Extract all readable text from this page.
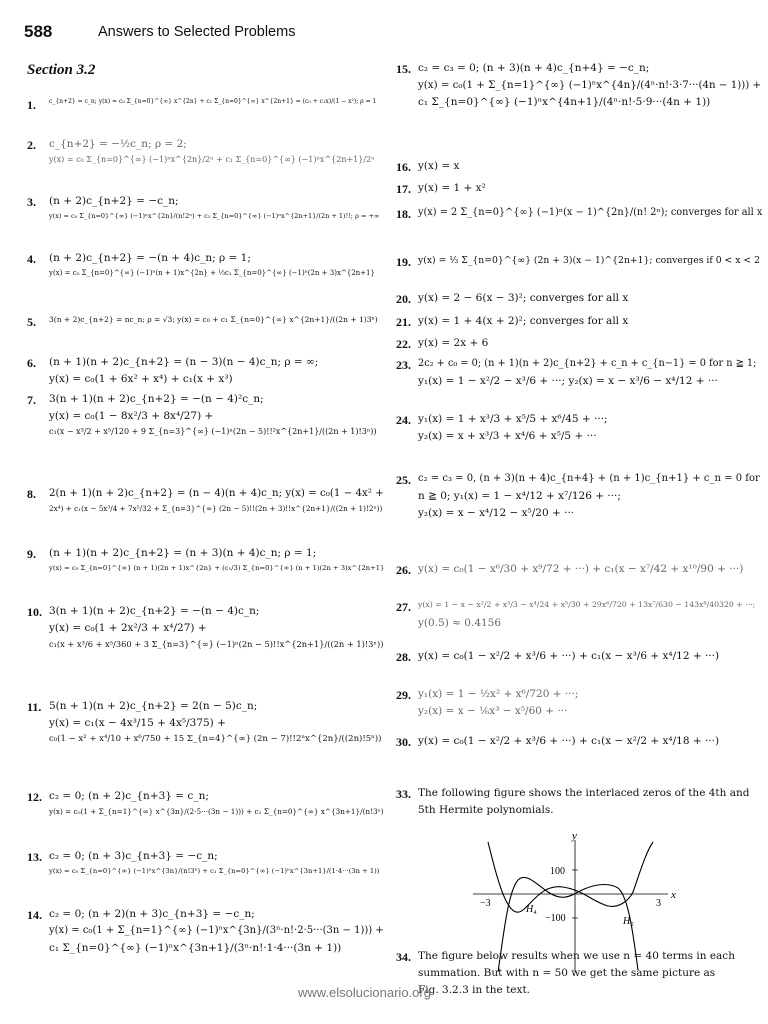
588	Answers to Selected Problems
Section 3.2
1. c_{n+2} = c_n; y(x) = c₀ Σ_{n=0}^{∞} x^{2n} + c₁ Σ_{n=0}^{∞} x^{2n+1} = (c₀ + c₁x)/(1 − x²); ρ = 1
2. c_{n+2} = −½c_n; ρ = 2;
y(x) = c₀ Σ_{n=0}^{∞} (−1)ⁿx^{2n}/2ⁿ + c₁ Σ_{n=0}^{∞} (−1)ⁿx^{2n+1}/2ⁿ
3. (n + 2)c_{n+2} = −c_n;
y(x) = c₀ Σ_{n=0}^{∞} (−1)ⁿx^{2n}/(n!2ⁿ) + c₁ Σ_{n=0}^{∞} (−1)ⁿx^{2n+1}/(2n + 1)!!; ρ = +∞
4. (n + 2)c_{n+2} = −(n + 4)c_n; ρ = 1;
y(x) = c₀ Σ_{n=0}^{∞} (−1)ⁿ(n + 1)x^{2n} + ⅓c₁ Σ_{n=0}^{∞} (−1)ⁿ(2n + 3)x^{2n+1}
5. 3(n + 2)c_{n+2} = nc_n; ρ = √3; y(x) = c₀ + c₁ Σ_{n=0}^{∞} x^{2n+1}/((2n + 1)3ⁿ)
6. (n + 1)(n + 2)c_{n+2} = (n − 3)(n − 4)c_n; ρ = ∞;
y(x) = c₀(1 + 6x² + x⁴) + c₁(x + x³)
7. 3(n + 1)(n + 2)c_{n+2} = −(n − 4)²c_n;
y(x) = c₀(1 − 8x²/3 + 8x⁴/27) +
c₁(x − x³/2 + x⁵/120 + 9 Σ_{n=3}^{∞} (−1)ⁿ(2n − 5)!!²x^{2n+1}/((2n + 1)!3ⁿ))
8. 2(n + 1)(n + 2)c_{n+2} = (n − 4)(n + 4)c_n; y(x) = c₀(1 − 4x² +
2x⁴) + c₁(x − 5x³/4 + 7x⁵/32 + Σ_{n=3}^{∞} (2n − 5)!!(2n + 3)!!x^{2n+1}/((2n + 1)!2ⁿ))
9. (n + 1)(n + 2)c_{n+2} = (n + 3)(n + 4)c_n; ρ = 1;
y(x) = c₀ Σ_{n=0}^{∞} (n + 1)(2n + 1)x^{2n} + (c₁/3) Σ_{n=0}^{∞} (n + 1)(2n + 3)x^{2n+1}
10. 3(n + 1)(n + 2)c_{n+2} = −(n − 4)c_n;
y(x) = c₀(1 + 2x²/3 + x⁴/27) +
c₁(x + x³/6 + x⁵/360 + 3 Σ_{n=3}^{∞} (−1)ⁿ(2n − 5)!!x^{2n+1}/((2n + 1)!3ⁿ))
11. 5(n + 1)(n + 2)c_{n+2} = 2(n − 5)c_n;
y(x) = c₁(x − 4x³/15 + 4x⁵/375) +
c₀(1 − x² + x⁴/10 + x⁶/750 + 15 Σ_{n=4}^{∞} (2n − 7)!!2ⁿx^{2n}/((2n)!5ⁿ))
12. c₂ = 0; (n + 2)c_{n+3} = c_n;
y(x) = c₀(1 + Σ_{n=1}^{∞} x^{3n}/(2·5···(3n − 1))) + c₁ Σ_{n=0}^{∞} x^{3n+1}/(n!3ⁿ)
13. c₂ = 0; (n + 3)c_{n+3} = −c_n;
y(x) = c₀ Σ_{n=0}^{∞} (−1)ⁿx^{3n}/(n!3ⁿ) + c₁ Σ_{n=0}^{∞} (−1)ⁿx^{3n+1}/(1·4···(3n + 1))
14. c₂ = 0; (n + 2)(n + 3)c_{n+3} = −c_n;
y(x) = c₀(1 + Σ_{n=1}^{∞} (−1)ⁿx^{3n}/(3ⁿ·n!·2·5···(3n − 1))) +
c₁ Σ_{n=0}^{∞} (−1)ⁿx^{3n+1}/(3ⁿ·n!·1·4···(3n + 1))
15. c₂ = c₃ = 0; (n + 3)(n + 4)c_{n+4} = −c_n;
y(x) = c₀(1 + Σ_{n=1}^{∞} (−1)ⁿx^{4n}/(4ⁿ·n!·3·7···(4n − 1))) +
c₁ Σ_{n=0}^{∞} (−1)ⁿx^{4n+1}/(4ⁿ·n!·5·9···(4n + 1))
16. y(x) = x
17. y(x) = 1 + x²
18. y(x) = 2 Σ_{n=0}^{∞} (−1)ⁿ(x − 1)^{2n}/(n! 2ⁿ); converges for all x
19. y(x) = ⅓ Σ_{n=0}^{∞} (2n + 3)(x − 1)^{2n+1}; converges if 0 < x < 2
20. y(x) = 2 − 6(x − 3)²; converges for all x
21. y(x) = 1 + 4(x + 2)²; converges for all x
22. y(x) = 2x + 6
23. 2c₂ + c₀ = 0; (n + 1)(n + 2)c_{n+2} + c_n + c_{n−1} = 0 for n ≧ 1;
y₁(x) = 1 − x²/2 − x³/6 + ···; y₂(x) = x − x³/6 − x⁴/12 + ···
24. y₁(x) = 1 + x³/3 + x⁵/5 + x⁶/45 + ···;
y₂(x) = x + x³/3 + x⁴/6 + x⁵/5 + ···
25. c₂ = c₃ = 0, (n + 3)(n + 4)c_{n+4} + (n + 1)c_{n+1} + c_n = 0 for
n ≧ 0; y₁(x) = 1 − x⁴/12 + x⁷/126 + ···;
y₂(x) = x − x⁴/12 − x⁵/20 + ···
26. y(x) = c₀(1 − x⁶/30 + x⁹/72 + ···) + c₁(x − x⁷/42 + x¹⁰/90 + ···)
27. y(x) = 1 − x − x²/2 + x³/3 − x⁴/24 + x⁵/30 + 29x⁶/720 + 13x⁷/630 − 143x⁸/40320 + ···;
y(0.5) ≈ 0.4156
28. y(x) = c₀(1 − x²/2 + x³/6 + ···) + c₁(x − x³/6 + x⁴/12 + ···)
29. y₁(x) = 1 − ½x² + x⁶/720 + ···;
y₂(x) = x − ⅙x³ − x⁵/60 + ···
30. y(x) = c₀(1 − x²/2 + x³/6 + ···) + c₁(x − x²/2 + x⁴/18 + ···)
33. The following figure shows the interlaced zeros of the 4th and
5th Hermite polynomials.
34. The figure below results when we use n = 40 terms in each
summation. But with n = 50 we get the same picture as
Fig. 3.2.3 in the text.
y
x
100
−100
−3	3
H₄
H₅
www.elsolucionario.org
